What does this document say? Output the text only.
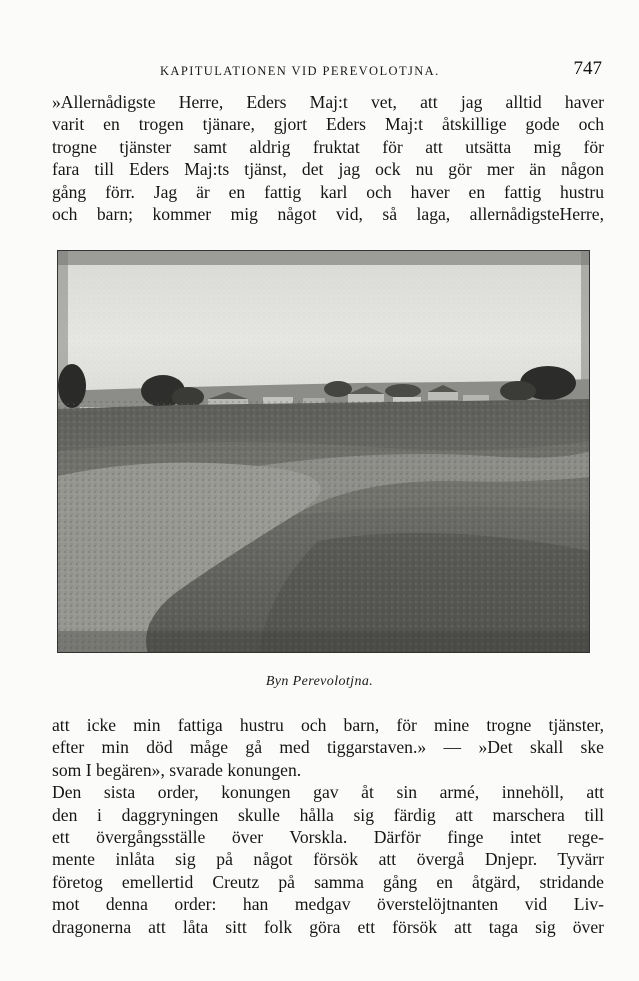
KAPITULATIONEN VID PEREVOLOTJNA.	747
»Allernådigste Herre, Eders Maj:t vet, att jag alltid haver
varit en trogen tjänare, gjort Eders Maj:t åtskillige gode och
trogne tjänster samt aldrig fruktat för att utsätta mig för
fara till Eders Maj:ts tjänst, det jag ock nu gör mer än någon
gång förr. Jag är en fattig karl och haver en fattig hustru
och barn; kommer mig något vid, så laga, allernådigsteHerre,
Byn Perevolotjna.
att icke min fattiga hustru och barn, för mine trogne tjänster,
efter min död måge gå med tiggarstaven.» — »Det skall ske
som I begären», svarade konungen.
Den sista order, konungen gav åt sin armé, innehöll, att
den i daggryningen skulle hålla sig färdig att marschera till
ett övergångsställe över Vorskla. Därför finge intet rege-
mente inlåta sig på något försök att övergå Dnjepr. Tyvärr
företog emellertid Creutz på samma gång en åtgärd, stridande
mot denna order: han medgav överstelöjtnanten vid Liv-
dragonerna att låta sitt folk göra ett försök att taga sig över
